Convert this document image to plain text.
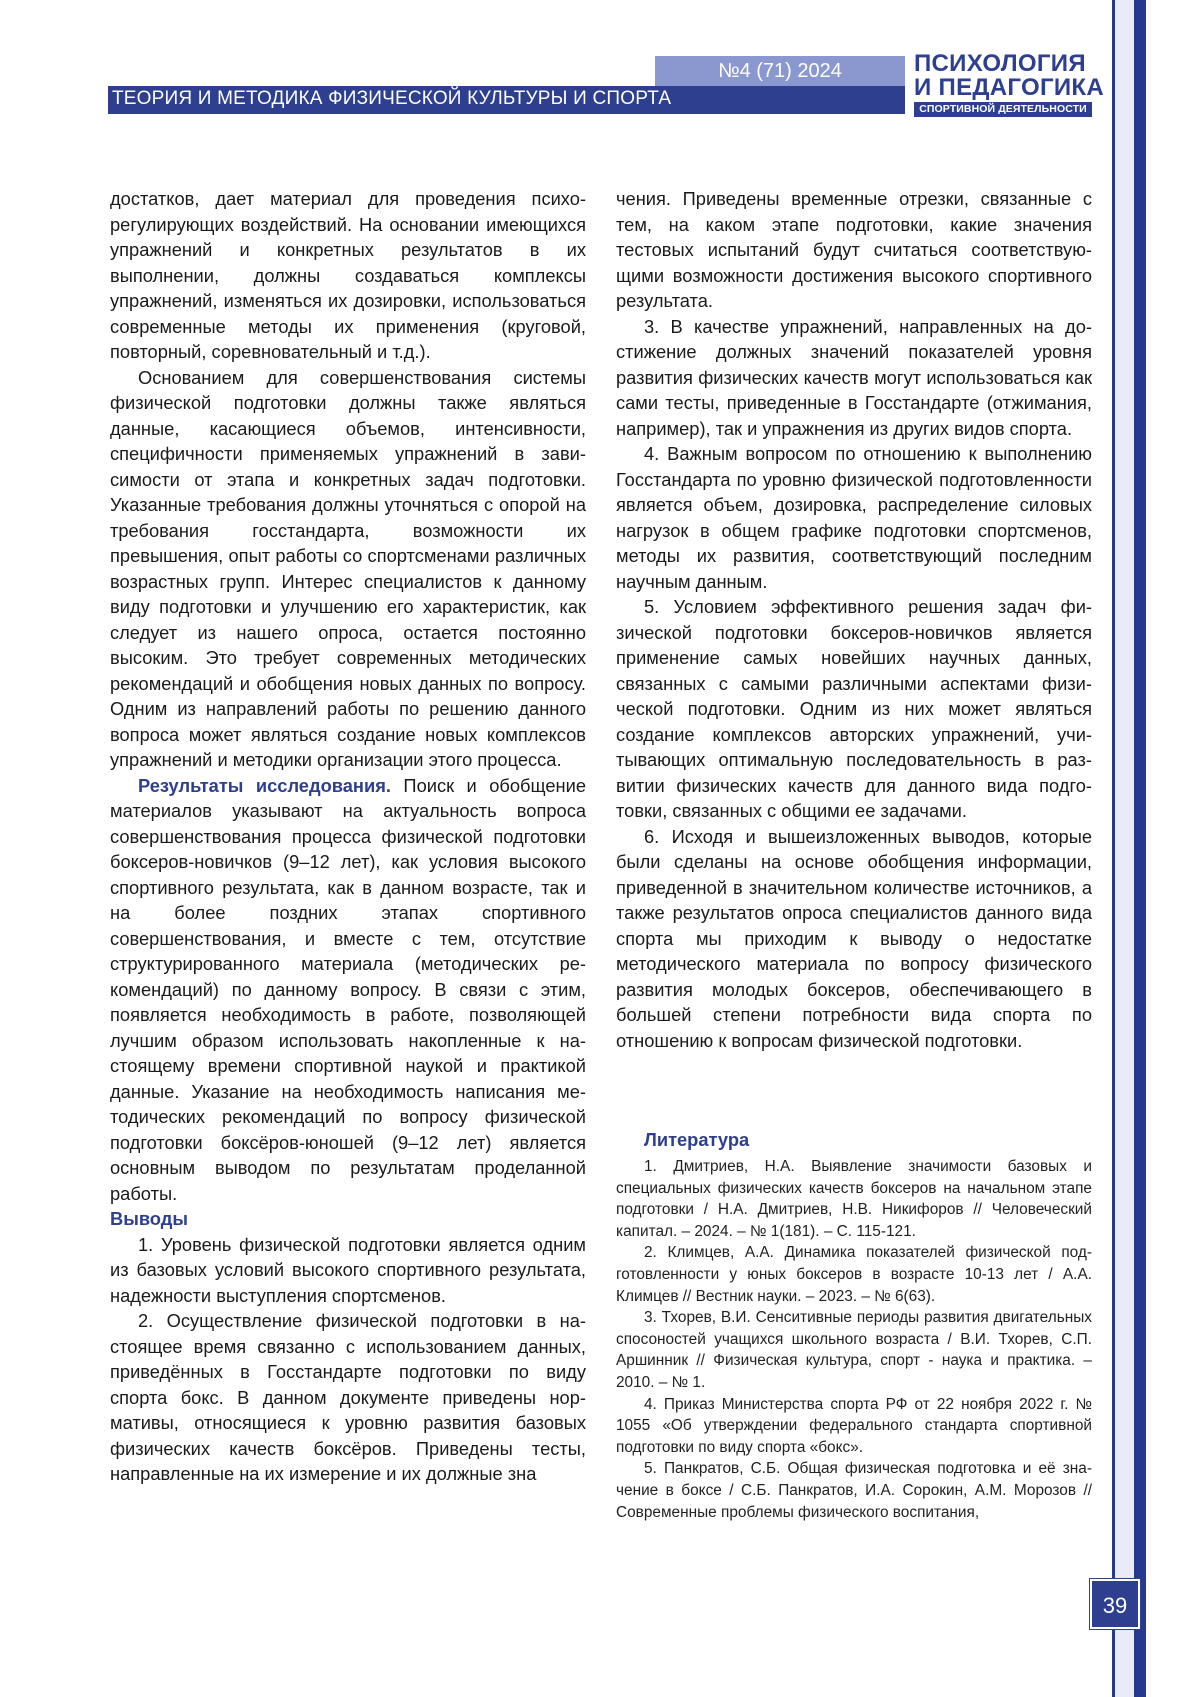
№4 (71) 2024
ТЕОРИЯ И МЕТОДИКА ФИЗИЧЕСКОЙ КУЛЬТУРЫ И СПОРТА
ПСИХОЛОГИЯ
И ПЕДАГОГИКА
СПОРТИВНОЙ ДЕЯТЕЛЬНОСТИ

достатков, дает материал для проведения психорегулирующих воздействий. На основании имеющихся упражнений и конкретных результатов в их выполнении, должны создаваться комплексы упражнений, изменяться их дозировки, использоваться современные методы их применения (круговой, повторный, соревновательный и т.д.).

Основанием для совершенствования системы физической подготовки должны также являться данные, касающиеся объемов, интенсивности, специфичности применяемых упражнений в зависимости от этапа и конкретных задач подготовки. Указанные требования должны уточняться с опорой на требования госстандарта, возможности их превышения, опыт работы со спортсменами различных возрастных групп. Интерес специалистов к данному виду подготовки и улучшению его характеристик, как следует из нашего опроса, остается постоянно высоким. Это требует современных методических рекомендаций и обобщения новых данных по вопросу. Одним из направлений работы по решению данного вопроса может являться создание новых комплексов упражнений и методики организации этого процесса.

Результаты исследования. Поиск и обобщение материалов указывают на актуальность вопроса совершенствования процесса физической подготовки боксеров-новичков (9–12 лет), как условия высокого спортивного результата, как в данном возрасте, так и на более поздних этапах спортивного совершенствования, и вместе с тем, отсутствие структурированного материала (методических рекомендаций) по данному вопросу. В связи с этим, появляется необходимость в работе, позволяющей лучшим образом использовать накопленные к настоящему времени спортивной наукой и практикой данные. Указание на необходимость написания методических рекомендаций по вопросу физической подготовки боксёров-юношей (9–12 лет) является основным выводом по результатам проделанной работы.

Выводы

1. Уровень физической подготовки является одним из базовых условий высокого спортивного результата, надежности выступления спортсменов.

2. Осуществление физической подготовки в настоящее время связанно с использованием данных, приведённых в Госстандарте подготовки по виду спорта бокс. В данном документе приведены нормативы, относящиеся к уровню развития базовых физических качеств боксёров. Приведены тесты, направленные на их измерение и их должные зна

чения. Приведены временные отрезки, связанные с тем, на каком этапе подготовки, какие значения тестовых испытаний будут считаться соответствующими возможности достижения высокого спортивного результата.

3. В качестве упражнений, направленных на достижение должных значений показателей уровня развития физических качеств могут использоваться как сами тесты, приведенные в Госстандарте (отжимания, например), так и упражнения из других видов спорта.

4. Важным вопросом по отношению к выполнению Госстандарта по уровню физической подготовленности является объем, дозировка, распределение силовых нагрузок в общем графике подготовки спортсменов, методы их развития, соответствующий последним научным данным.

5. Условием эффективного решения задач физической подготовки боксеров-новичков является применение самых новейших научных данных, связанных с самыми различными аспектами физической подготовки. Одним из них может являться создание комплексов авторских упражнений, учитывающих оптимальную последовательность в развитии физических качеств для данного вида подготовки, связанных с общими ее задачами.

6. Исходя и вышеизложенных выводов, которые были сделаны на основе обобщения информации, приведенной в значительном количестве источников, а также результатов опроса специалистов данного вида спорта мы приходим к выводу о недостатке методического материала по вопросу физического развития молодых боксеров, обеспечивающего в большей степени потребности вида спорта по отношению к вопросам физической подготовки.

Литература

1. Дмитриев, Н.А. Выявление значимости базовых и специальных физических качеств боксеров на начальном этапе подготовки / Н.А. Дмитриев, Н.В. Никифоров // Человеческий капитал. – 2024. – № 1(181). – С. 115-121.

2. Климцев, А.А. Динамика показателей физической подготовленности у юных боксеров в возрасте 10-13 лет / А.А. Климцев // Вестник науки. – 2023. – № 6(63).

3. Тхорев, В.И. Сенситивные периоды развития двигательных спосоностей учащихся школьного возраста / В.И. Тхорев, С.П. Аршинник // Физическая культура, спорт - наука и практика. – 2010. – № 1.

4. Приказ Министерства спорта РФ от 22 ноября 2022 г. № 1055 «Об утверждении федерального стандарта спортивной подготовки по виду спорта «бокс».

5. Панкратов, С.Б. Общая физическая подготовка и её значение в боксе / С.Б. Панкратов, И.А. Сорокин, А.М. Морозов // Современные проблемы физического воспитания,

39
